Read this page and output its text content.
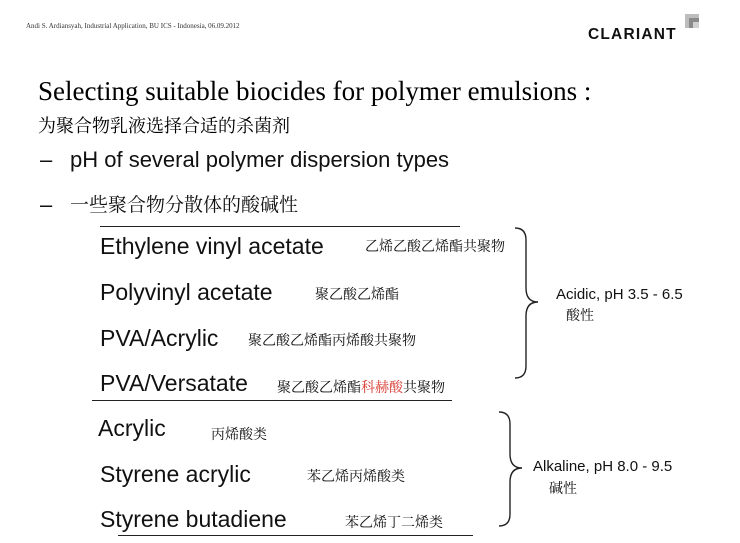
Andi S. Ardiansyah, Industrial Application, BU ICS - Indonesia, 06.09.2012	CLARIANT
Selecting suitable biocides for polymer emulsions :
为聚合物乳液选择合适的杀菌剂
– pH of several polymer dispersion types
– 一些聚合物分散体的酸碱性
Ethylene vinyl acetate	乙烯乙酸乙烯酯共聚物
Polyvinyl acetate	聚乙酸乙烯酯
PVA/Acrylic 聚乙酸乙烯酯丙烯酸共聚物
PVA/Versatate 聚乙酸乙烯酯科赫酸共聚物
Acidic, pH 3.5 - 6.5
酸性
Acrylic	丙烯酸类
Styrene acrylic	苯乙烯丙烯酸类
Styrene butadiene	苯乙烯丁二烯类
Alkaline, pH 8.0 - 9.5
碱性
